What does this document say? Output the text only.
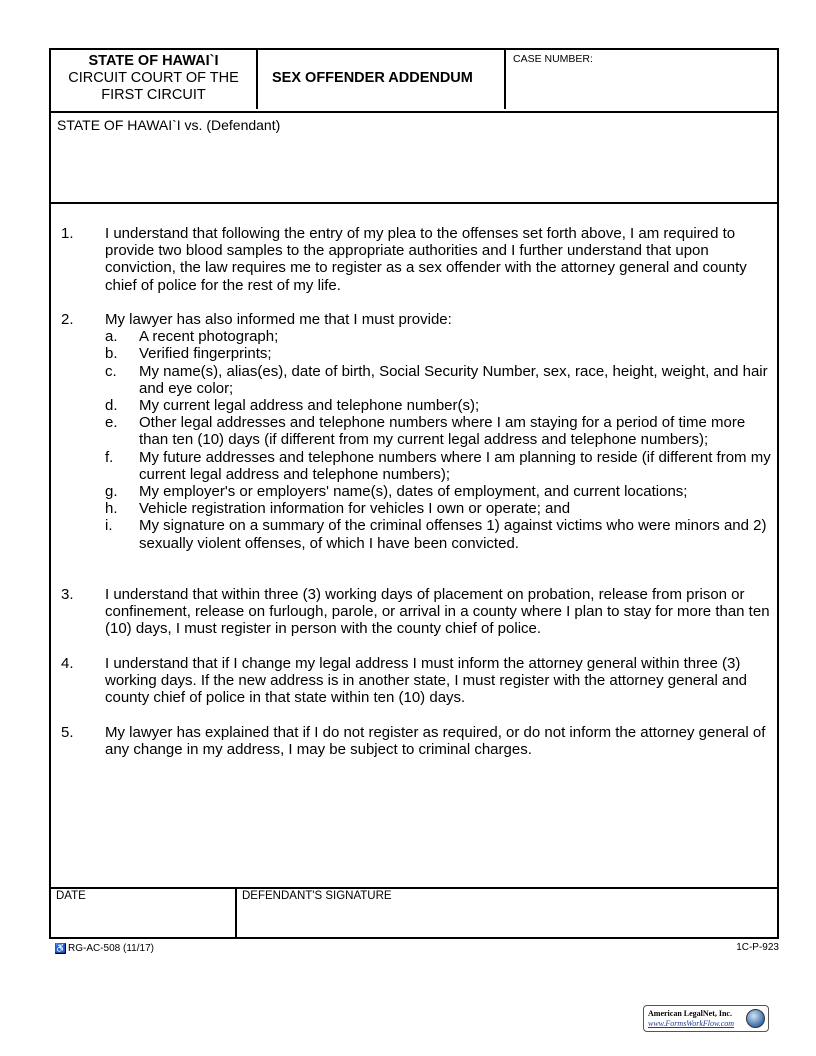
STATE OF HAWAI`I
CIRCUIT COURT OF THE
FIRST CIRCUIT
SEX OFFENDER ADDENDUM
CASE NUMBER:
STATE OF HAWAI`I vs. (Defendant)
1. I understand that following the entry of my plea to the offenses set forth above, I am required to provide two blood samples to the appropriate authorities and I further understand that upon conviction, the law requires me to register as a sex offender with the attorney general and county chief of police for the rest of my life.
2. My lawyer has also informed me that I must provide:
a. A recent photograph;
b. Verified fingerprints;
c. My name(s), alias(es), date of birth, Social Security Number, sex, race, height, weight, and hair and eye color;
d. My current legal address and telephone number(s);
e. Other legal addresses and telephone numbers where I am staying for a period of time more than ten (10) days (if different from my current legal address and telephone numbers);
f. My future addresses and telephone numbers where I am planning to reside (if different from my current legal address and telephone numbers);
g. My employer's or employers' name(s), dates of employment, and current locations;
h. Vehicle registration information for vehicles I own or operate; and
i. My signature on a summary of the criminal offenses 1) against victims who were minors and 2) sexually violent offenses, of which I have been convicted.
3. I understand that within three (3) working days of placement on probation, release from prison or confinement, release on furlough, parole, or arrival in a county where I plan to stay for more than ten (10) days, I must register in person with the county chief of police.
4. I understand that if I change my legal address I must inform the attorney general within three (3) working days. If the new address is in another state, I must register with the attorney general and county chief of police in that state within ten (10) days.
5. My lawyer has explained that if I do not register as required, or do not inform the attorney general of any change in my address, I may be subject to criminal charges.
DATE	DEFENDANT'S SIGNATURE
♿ RG-AC-508 (11/17)	1C-P-923
American LegalNet, Inc.
www.FormsWorkFlow.com
